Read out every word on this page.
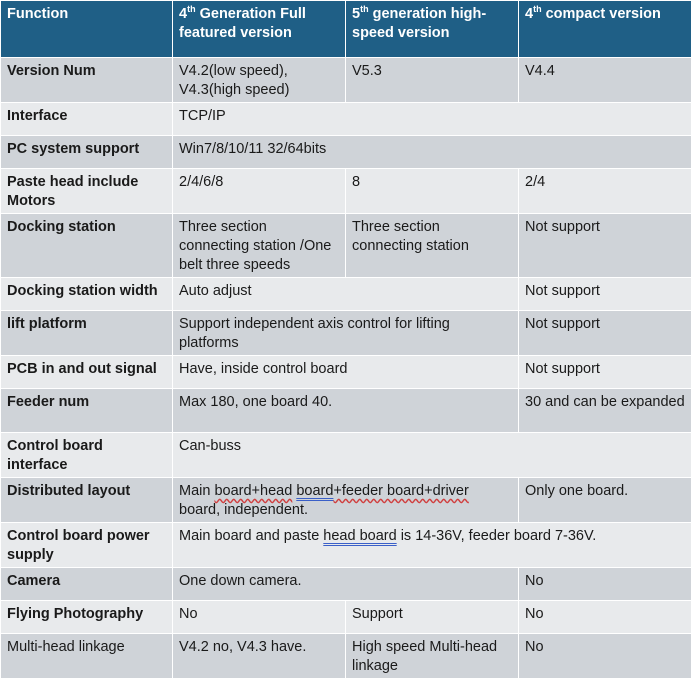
Function	4th Generation Full featured version	5th generation high-speed version	4th compact version
Version Num	V4.2(low speed), V4.3(high speed)	V5.3	V4.4
Interface	TCP/IP		
PC system support	Win7/8/10/11 32/64bits		
Paste head include Motors	2/4/6/8	8	2/4
Docking station	Three section connecting station /One belt three speeds	Three section connecting station	Not support
Docking station width	Auto adjust		Not support
lift platform	Support independent axis control for lifting platforms		Not support
PCB in and out signal	Have, inside control board		Not support
Feeder num	Max 180, one board 40.		30 and can be expanded
Control board interface	Can-buss		
Distributed layout	Main board+head board+feeder board+driver board, independent.		Only one board.
Control board power supply	Main board and paste head board is 14-36V, feeder board 7-36V.		
Camera	One down camera.		No
Flying Photography	No	Support	No
Multi-head linkage	V4.2 no, V4.3 have.	High speed Multi-head linkage	No
